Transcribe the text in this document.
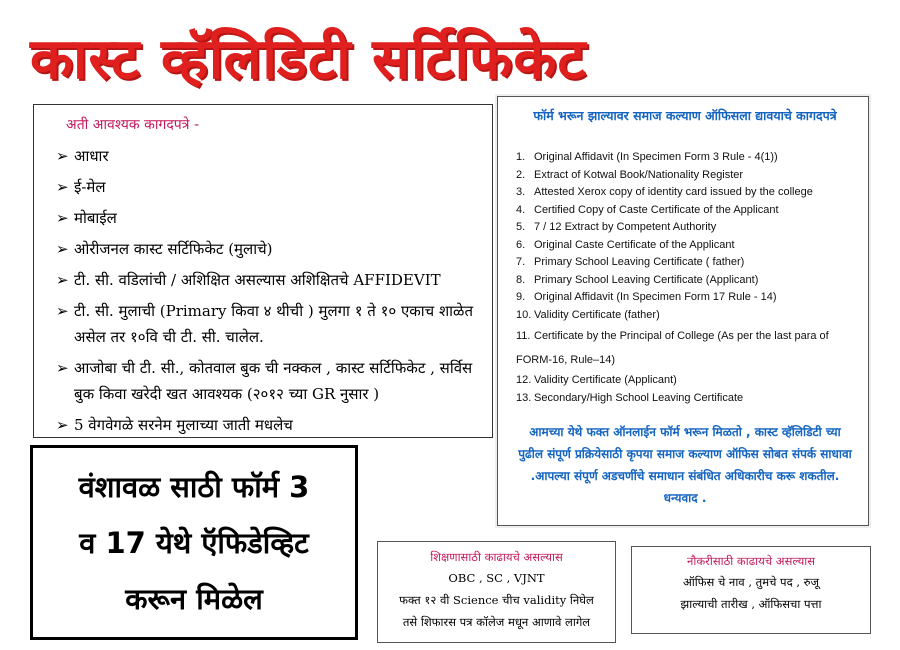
कास्ट व्हॅलिडिटी सर्टिफिकेट
अती आवश्यक कागदपत्रे -
➢ आधार
➢ ई-मेल
➢ मोबाईल
➢ ओरीजनल कास्ट सर्टिफिकेट (मुलाचे)
➢ टी. सी. वडिलांची / अशिक्षित असल्यास अशिक्षितचे AFFIDEVIT
➢ टी. सी. मुलाची (Primary किवा ४ थीची ) मुलगा १ ते १० एकाच शाळेत असेल तर १०वि ची टी. सी. चालेल.
➢ आजोबा ची टी. सी., कोतवाल बुक ची नक्कल , कास्ट सर्टिफिकेट , सर्विस बुक किवा खरेदी खत आवश्यक (२०१२ च्या GR नुसार )
➢ 5 वेगवेगळे सरनेम मुलाच्या जाती मधलेच
फॉर्म भरून झाल्यावर समाज कल्याण ऑफिसला द्यावयाचे कागदपत्रे
1. Original Affidavit (In Specimen Form 3 Rule - 4(1))
2. Extract of Kotwal Book/Nationality Register
3. Attested Xerox copy of identity card issued by the college
4. Certified Copy of Caste Certificate of the Applicant
5. 7 / 12 Extract by Competent Authority
6. Original Caste Certificate of the Applicant
7. Primary School Leaving Certificate ( father)
8. Primary School Leaving Certificate (Applicant)
9. Original Affidavit (In Specimen Form 17 Rule - 14)
10. Validity Certificate (father)
11. Certificate by the Principal of College (As per the last para of FORM-16, Rule–14)
12. Validity Certificate (Applicant)
13. Secondary/High School Leaving Certificate
आमच्या येथे फक्त ऑनलाईन फॉर्म भरून मिळतो , कास्ट व्हॅलिडिटी च्या पुढील संपूर्ण प्रक्रियेसाठी कृपया समाज कल्याण ऑफिस सोबत संपर्क साधावा .आपल्या संपूर्ण अडचणींचे समाधान संबंधित अधिकारीच करू शकतील. धन्यवाद .
वंशावळ साठी फॉर्म 3
व 17 येथे ऍफिडेव्हिट
करून मिळेल
शिक्षणासाठी काढायचे असल्यास
OBC , SC , VJNT
फक्त १२ वी Science चीच validity निघेल
तसे शिफारस पत्र कॉलेज मधून आणावे लागेल
नौकरीसाठी काढायचे असल्यास
ऑफिस चे नाव , तुमचे पद , रुजू
झाल्याची तारीख , ऑफिसचा पत्ता
